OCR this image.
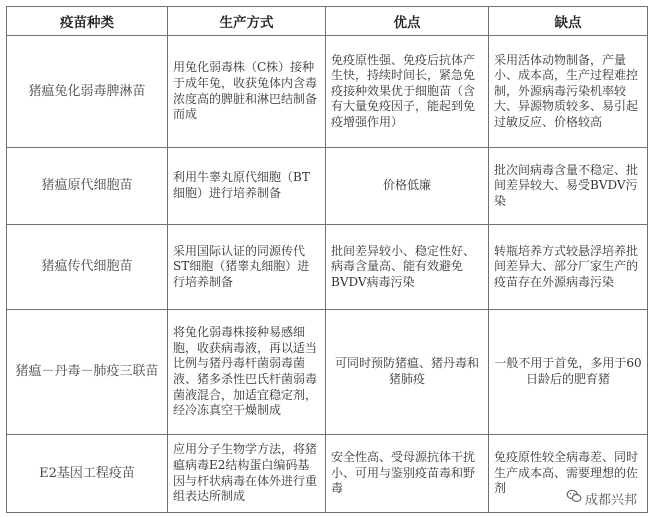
疫苗种类	生产方式	优点	缺点
猪瘟兔化弱毒脾淋苗	用兔化弱毒株（C株）接种于成年兔，收获兔体内含毒浓度高的脾脏和淋巴结制备而成	免疫原性强、免疫后抗体产生快，持续时间长，紧急免疫接种效果优于细胞苗（含有大量免疫因子，能起到免疫增强作用）	采用活体动物制备，产量小、成本高，生产过程难控制，外源病毒污染机率较大、异源物质较多、易引起过敏反应、价格较高
猪瘟原代细胞苗	利用牛睾丸原代细胞（BT细胞）进行培养制备	价格低廉	批次间病毒含量不稳定、批间差异较大、易受BVDV污染
猪瘟传代细胞苗	采用国际认证的同源传代ST细胞（猪睾丸细胞）进行培养制备	批间差异较小、稳定性好、病毒含量高、能有效避免BVDV病毒污染	转瓶培养方式较悬浮培养批间差异大、部分厂家生产的疫苗存在外源病毒污染
猪瘟－丹毒－肺疫三联苗	将兔化弱毒株接种易感细胞，收获病毒液，再以适当比例与猪丹毒杆菌弱毒菌液、猪多杀性巴氏杆菌弱毒菌液混合，加适宜稳定剂，经冷冻真空干燥制成	可同时预防猪瘟、猪丹毒和猪肺疫	一般不用于首免，多用于60日龄后的肥育猪
E2基因工程疫苗	应用分子生物学方法，将猪瘟病毒E2结构蛋白编码基因与杆状病毒在体外进行重组表达所制成	安全性高、受母源抗体干扰小、可用与鉴别疫苗毒和野毒	免疫原性较全病毒差、同时生产成本高、需要理想的佐剂
成都兴邦
